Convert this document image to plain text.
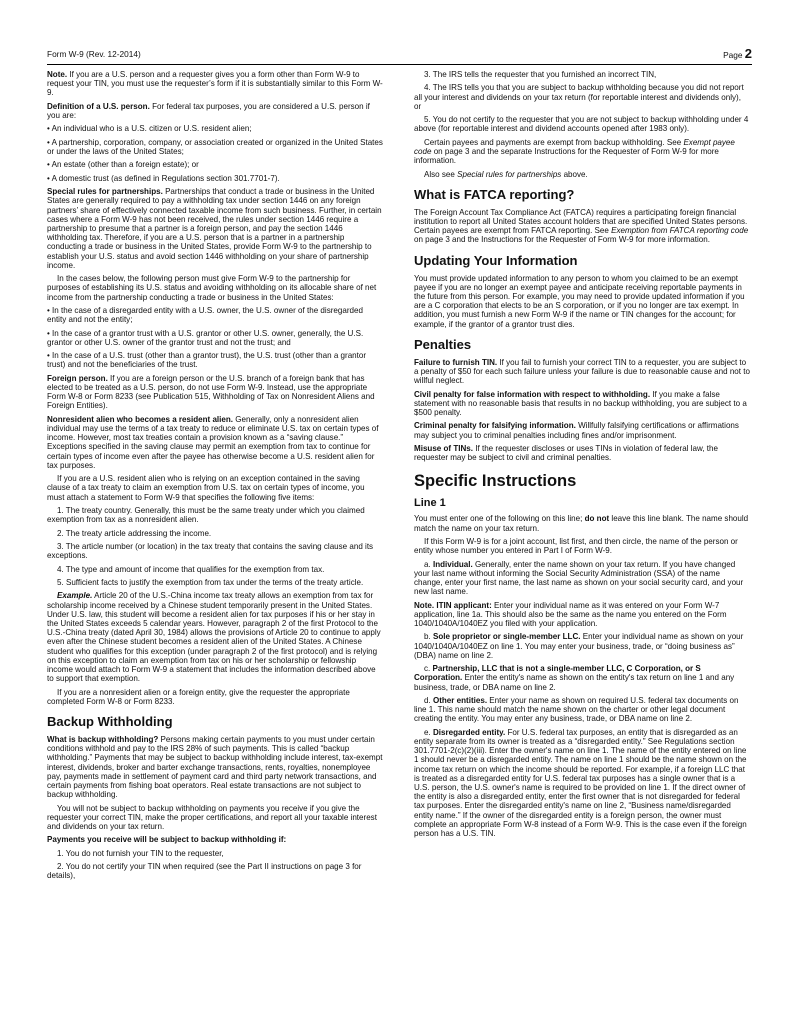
Form W-9 (Rev. 12-2014)	Page 2

Note. If you are a U.S. person and a requester gives you a form other than Form W-9 to request your TIN, you must use the requester’s form if it is substantially similar to this Form W-9.

Definition of a U.S. person. For federal tax purposes, you are considered a U.S. person if you are:

• An individual who is a U.S. citizen or U.S. resident alien;

• A partnership, corporation, company, or association created or organized in the United States or under the laws of the United States;

• An estate (other than a foreign estate); or

• A domestic trust (as defined in Regulations section 301.7701-7).

Special rules for partnerships. Partnerships that conduct a trade or business in the United States are generally required to pay a withholding tax under section 1446 on any foreign partners’ share of effectively connected taxable income from such business. Further, in certain cases where a Form W-9 has not been received, the rules under section 1446 require a partnership to presume that a partner is a foreign person, and pay the section 1446 withholding tax. Therefore, if you are a U.S. person that is a partner in a partnership conducting a trade or business in the United States, provide Form W-9 to the partnership to establish your U.S. status and avoid section 1446 withholding on your share of partnership income.

In the cases below, the following person must give Form W-9 to the partnership for purposes of establishing its U.S. status and avoiding withholding on its allocable share of net income from the partnership conducting a trade or business in the United States:

• In the case of a disregarded entity with a U.S. owner, the U.S. owner of the disregarded entity and not the entity;

• In the case of a grantor trust with a U.S. grantor or other U.S. owner, generally, the U.S. grantor or other U.S. owner of the grantor trust and not the trust; and

• In the case of a U.S. trust (other than a grantor trust), the U.S. trust (other than a grantor trust) and not the beneficiaries of the trust.

Foreign person. If you are a foreign person or the U.S. branch of a foreign bank that has elected to be treated as a U.S. person, do not use Form W-9. Instead, use the appropriate Form W-8 or Form 8233 (see Publication 515, Withholding of Tax on Nonresident Aliens and Foreign Entities).

Nonresident alien who becomes a resident alien. Generally, only a nonresident alien individual may use the terms of a tax treaty to reduce or eliminate U.S. tax on certain types of income. However, most tax treaties contain a provision known as a “saving clause.” Exceptions specified in the saving clause may permit an exemption from tax to continue for certain types of income even after the payee has otherwise become a U.S. resident alien for tax purposes.

If you are a U.S. resident alien who is relying on an exception contained in the saving clause of a tax treaty to claim an exemption from U.S. tax on certain types of income, you must attach a statement to Form W-9 that specifies the following five items:

1. The treaty country. Generally, this must be the same treaty under which you claimed exemption from tax as a nonresident alien.

2. The treaty article addressing the income.

3. The article number (or location) in the tax treaty that contains the saving clause and its exceptions.

4. The type and amount of income that qualifies for the exemption from tax.

5. Sufficient facts to justify the exemption from tax under the terms of the treaty article.

Example. Article 20 of the U.S.-China income tax treaty allows an exemption from tax for scholarship income received by a Chinese student temporarily present in the United States. Under U.S. law, this student will become a resident alien for tax purposes if his or her stay in the United States exceeds 5 calendar years. However, paragraph 2 of the first Protocol to the U.S.-China treaty (dated April 30, 1984) allows the provisions of Article 20 to continue to apply even after the Chinese student becomes a resident alien of the United States. A Chinese student who qualifies for this exception (under paragraph 2 of the first protocol) and is relying on this exception to claim an exemption from tax on his or her scholarship or fellowship income would attach to Form W-9 a statement that includes the information described above to support that exemption.

If you are a nonresident alien or a foreign entity, give the requester the appropriate completed Form W-8 or Form 8233.

Backup Withholding

What is backup withholding? Persons making certain payments to you must under certain conditions withhold and pay to the IRS 28% of such payments. This is called “backup withholding.” Payments that may be subject to backup withholding include interest, tax-exempt interest, dividends, broker and barter exchange transactions, rents, royalties, nonemployee pay, payments made in settlement of payment card and third party network transactions, and certain payments from fishing boat operators. Real estate transactions are not subject to backup withholding.

You will not be subject to backup withholding on payments you receive if you give the requester your correct TIN, make the proper certifications, and report all your taxable interest and dividends on your tax return.

Payments you receive will be subject to backup withholding if:

1. You do not furnish your TIN to the requester,

2. You do not certify your TIN when required (see the Part II instructions on page 3 for details),

3. The IRS tells the requester that you furnished an incorrect TIN,

4. The IRS tells you that you are subject to backup withholding because you did not report all your interest and dividends on your tax return (for reportable interest and dividends only), or

5. You do not certify to the requester that you are not subject to backup withholding under 4 above (for reportable interest and dividend accounts opened after 1983 only).

Certain payees and payments are exempt from backup withholding. See Exempt payee code on page 3 and the separate Instructions for the Requester of Form W-9 for more information.

Also see Special rules for partnerships above.

What is FATCA reporting?

The Foreign Account Tax Compliance Act (FATCA) requires a participating foreign financial institution to report all United States account holders that are specified United States persons. Certain payees are exempt from FATCA reporting. See Exemption from FATCA reporting code on page 3 and the Instructions for the Requester of Form W-9 for more information.

Updating Your Information

You must provide updated information to any person to whom you claimed to be an exempt payee if you are no longer an exempt payee and anticipate receiving reportable payments in the future from this person. For example, you may need to provide updated information if you are a C corporation that elects to be an S corporation, or if you no longer are tax exempt. In addition, you must furnish a new Form W-9 if the name or TIN changes for the account; for example, if the grantor of a grantor trust dies.

Penalties

Failure to furnish TIN. If you fail to furnish your correct TIN to a requester, you are subject to a penalty of $50 for each such failure unless your failure is due to reasonable cause and not to willful neglect.

Civil penalty for false information with respect to withholding. If you make a false statement with no reasonable basis that results in no backup withholding, you are subject to a $500 penalty.

Criminal penalty for falsifying information. Willfully falsifying certifications or affirmations may subject you to criminal penalties including fines and/or imprisonment.

Misuse of TINs. If the requester discloses or uses TINs in violation of federal law, the requester may be subject to civil and criminal penalties.

Specific Instructions
Line 1

You must enter one of the following on this line; do not leave this line blank. The name should match the name on your tax return.

If this Form W-9 is for a joint account, list first, and then circle, the name of the person or entity whose number you entered in Part I of Form W-9.

a. Individual. Generally, enter the name shown on your tax return. If you have changed your last name without informing the Social Security Administration (SSA) of the name change, enter your first name, the last name as shown on your social security card, and your new last name.

Note. ITIN applicant: Enter your individual name as it was entered on your Form W-7 application, line 1a. This should also be the same as the name you entered on the Form 1040/1040A/1040EZ you filed with your application.

b. Sole proprietor or single-member LLC. Enter your individual name as shown on your 1040/1040A/1040EZ on line 1. You may enter your business, trade, or “doing business as” (DBA) name on line 2.

c. Partnership, LLC that is not a single-member LLC, C Corporation, or S Corporation. Enter the entity's name as shown on the entity's tax return on line 1 and any business, trade, or DBA name on line 2.

d. Other entities. Enter your name as shown on required U.S. federal tax documents on line 1. This name should match the name shown on the charter or other legal document creating the entity. You may enter any business, trade, or DBA name on line 2.

e. Disregarded entity. For U.S. federal tax purposes, an entity that is disregarded as an entity separate from its owner is treated as a “disregarded entity.” See Regulations section 301.7701-2(c)(2)(iii). Enter the owner's name on line 1. The name of the entity entered on line 1 should never be a disregarded entity. The name on line 1 should be the name shown on the income tax return on which the income should be reported. For example, if a foreign LLC that is treated as a disregarded entity for U.S. federal tax purposes has a single owner that is a U.S. person, the U.S. owner's name is required to be provided on line 1. If the direct owner of the entity is also a disregarded entity, enter the first owner that is not disregarded for federal tax purposes. Enter the disregarded entity's name on line 2, “Business name/disregarded entity name.” If the owner of the disregarded entity is a foreign person, the owner must complete an appropriate Form W-8 instead of a Form W-9. This is the case even if the foreign person has a U.S. TIN.
